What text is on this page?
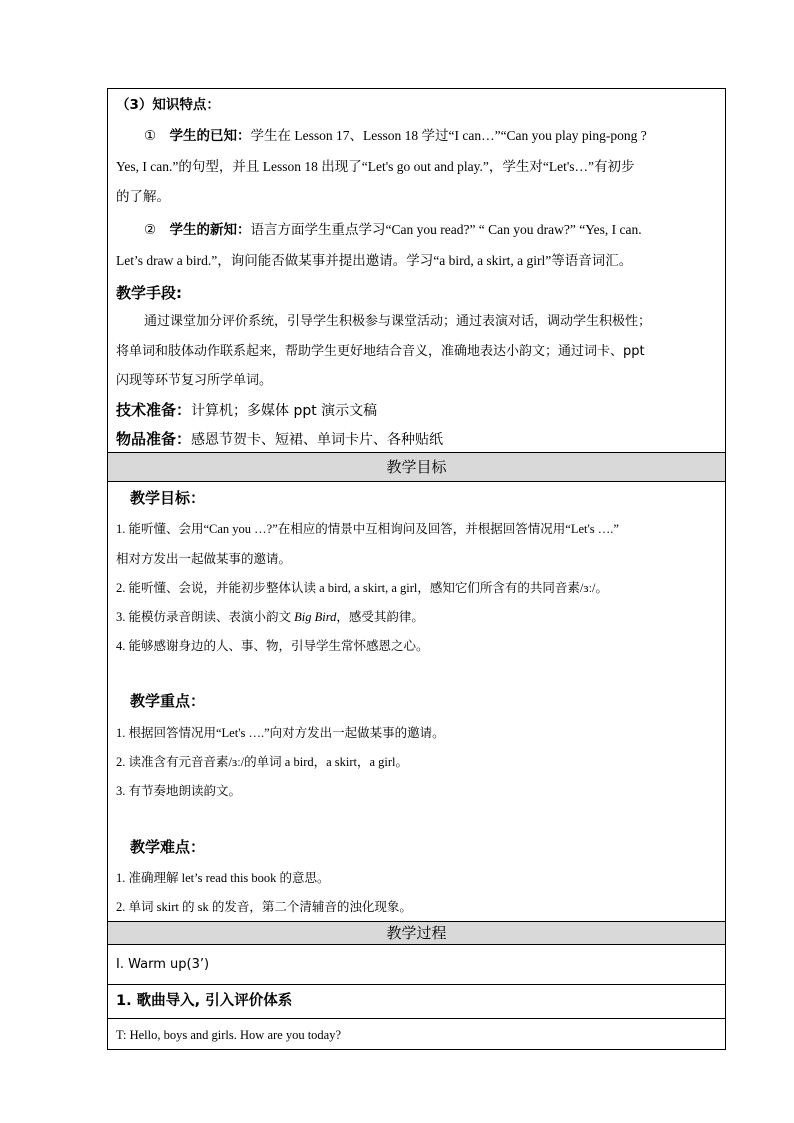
（3）知识特点：
① 学生的已知：学生在 Lesson 17、Lesson 18 学过“I can…”“Can you play ping-pong ?
Yes, I can.”的句型，并且 Lesson 18 出现了“Let's go out and play.”，学生对“Let's…”有初步
的了解。
② 学生的新知：语言方面学生重点学习“Can you read?” “ Can you draw?” “Yes, I can.
Let’s draw a bird.”，询问能否做某事并提出邀请。学习“a bird, a skirt, a girl”等语音词汇。
教学手段:
通过课堂加分评价系统，引导学生积极参与课堂活动；通过表演对话，调动学生积极性；
将单词和肢体动作联系起来，帮助学生更好地结合音义，准确地表达小韵文；通过词卡、ppt
闪现等环节复习所学单词。
技术准备：计算机；多媒体 ppt 演示文稿
物品准备：感恩节贺卡、短裙、单词卡片、各种贴纸
教学目标
教学目标：
1. 能听懂、会用“Can you …?”在相应的情景中互相询问及回答，并根据回答情况用“Let's ….”
相对方发出一起做某事的邀请。
2. 能听懂、会说，并能初步整体认读 a bird, a skirt, a girl，感知它们所含有的共同音素/ɜː/。
3. 能模仿录音朗读、表演小韵文 Big Bird，感受其韵律。
4. 能够感谢身边的人、事、物，引导学生常怀感恩之心。
教学重点：
1. 根据回答情况用“Let's ….”向对方发出一起做某事的邀请。
2. 读准含有元音音素/ɜː/的单词 a bird，a skirt，a girl。
3. 有节奏地朗读韵文。
教学难点：
1. 准确理解 let’s read this book 的意思。
2. 单词 skirt 的 sk 的发音，第二个清辅音的浊化现象。
教学过程
I. Warm up(3’)
1. 歌曲导入, 引入评价体系
T: Hello, boys and girls. How are you today?
